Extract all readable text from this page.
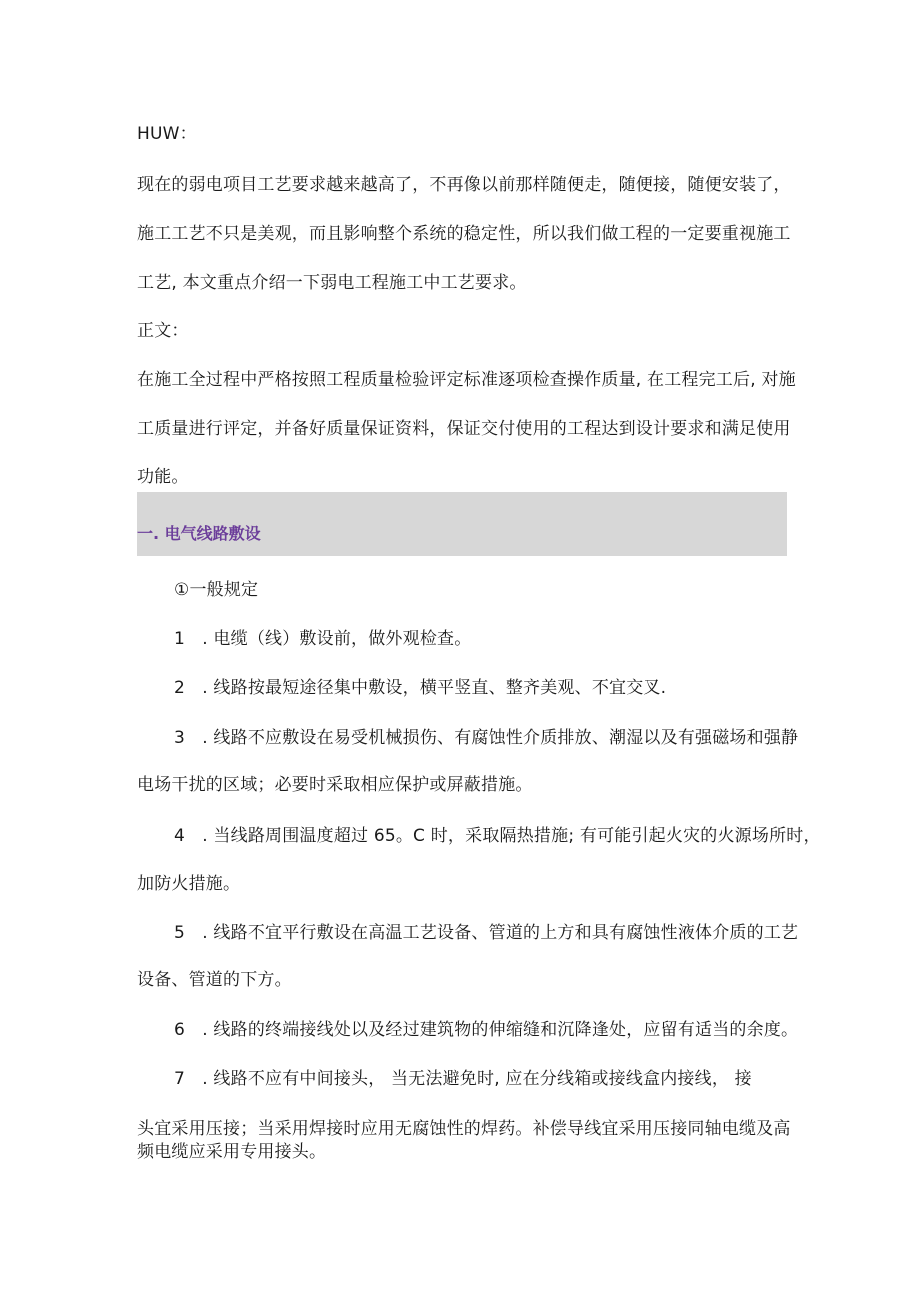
HUW：
现在的弱电项目工艺要求越来越高了，不再像以前那样随便走，随便接，随便安装了，
施工工艺不只是美观，而且影响整个系统的稳定性，所以我们做工程的一定要重视施工
工艺, 本文重点介绍一下弱电工程施工中工艺要求。
正文：
在施工全过程中严格按照工程质量检验评定标准逐项检查操作质量, 在工程完工后, 对施
工质量进行评定，并备好质量保证资料，保证交付使用的工程达到设计要求和满足使用
功能。
一. 电气线路敷设
①一般规定
1　. 电缆（线）敷设前，做外观检查。
2　. 线路按最短途径集中敷设，横平竖直、整齐美观、不宜交叉.
3　. 线路不应敷设在易受机械损伤、有腐蚀性介质排放、潮湿以及有强磁场和强静
电场干扰的区域；必要时采取相应保护或屏蔽措施。
4　. 当线路周围温度超过 65。C 时，采取隔热措施; 有可能引起火灾的火源场所时，
加防火措施。
5　. 线路不宜平行敷设在高温工艺设备、管道的上方和具有腐蚀性液体介质的工艺
设备、管道的下方。
6　. 线路的终端接线处以及经过建筑物的伸缩缝和沉降逢处，应留有适当的余度。
7　. 线路不应有中间接头， 当无法避免时, 应在分线箱或接线盒内接线， 接
头宜采用压接；当采用焊接时应用无腐蚀性的焊药。补偿导线宜采用压接同轴电缆及高
频电缆应采用专用接头。
